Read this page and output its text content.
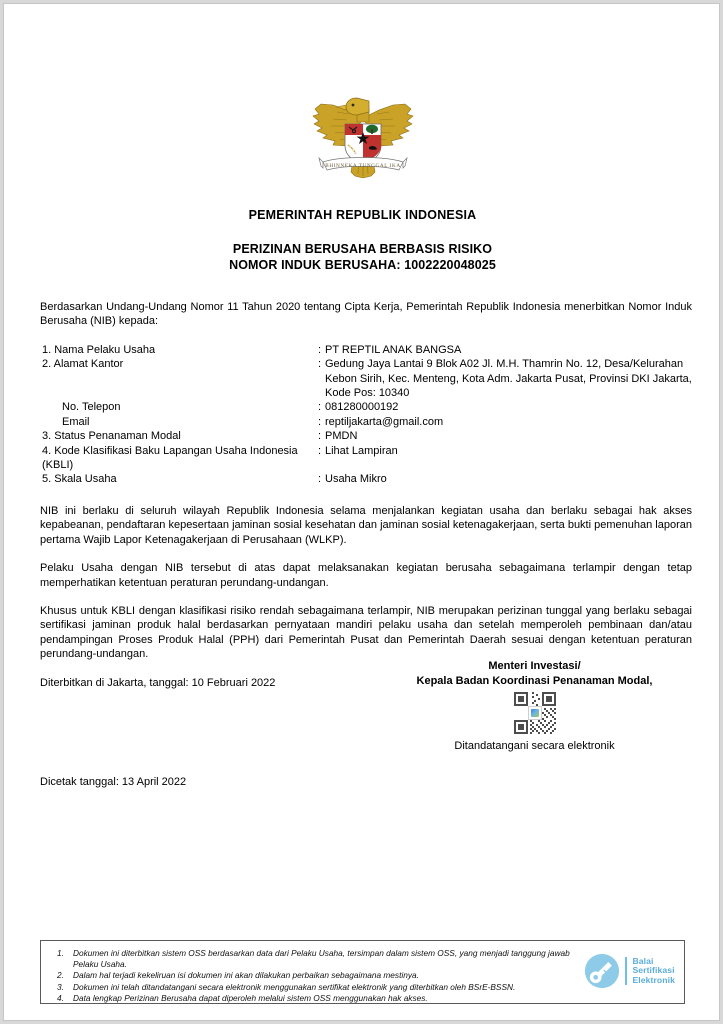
BHINNEKA TUNGGAL IKA
PEMERINTAH REPUBLIK INDONESIA
PERIZINAN BERUSAHA BERBASIS RISIKO
NOMOR INDUK BERUSAHA: 1002220048025

Berdasarkan Undang-Undang Nomor 11 Tahun 2020 tentang Cipta Kerja, Pemerintah Republik Indonesia menerbitkan Nomor Induk Berusaha (NIB) kepada:

1. Nama Pelaku Usaha	:	PT REPTIL ANAK BANGSA
2. Alamat Kantor	:	Gedung Jaya Lantai 9 Blok A02 Jl. M.H. Thamrin No. 12, Desa/Kelurahan Kebon Sirih, Kec. Menteng, Kota Adm. Jakarta Pusat, Provinsi DKI Jakarta,
		Kode Pos: 10340
No. Telepon	:	081280000192
Email	:	reptiljakarta@gmail.com
3. Status Penanaman Modal	:	PMDN
4. Kode Klasifikasi Baku Lapangan Usaha Indonesia (KBLI)	:	Lihat Lampiran
5. Skala Usaha	:	Usaha Mikro

NIB ini berlaku di seluruh wilayah Republik Indonesia selama menjalankan kegiatan usaha dan berlaku sebagai hak akses kepabeanan, pendaftaran kepesertaan jaminan sosial kesehatan dan jaminan sosial ketenagakerjaan, serta bukti pemenuhan laporan pertama Wajib Lapor Ketenagakerjaan di Perusahaan (WLKP).

Pelaku Usaha dengan NIB tersebut di atas dapat melaksanakan kegiatan berusaha sebagaimana terlampir dengan tetap memperhatikan ketentuan peraturan perundang-undangan.

Khusus untuk KBLI dengan klasifikasi risiko rendah sebagaimana terlampir, NIB merupakan perizinan tunggal yang berlaku sebagai sertifikasi jaminan produk halal berdasarkan pernyataan mandiri pelaku usaha dan setelah memperoleh pembinaan dan/atau pendampingan Proses Produk Halal (PPH) dari Pemerintah Pusat dan Pemerintah Daerah sesuai dengan ketentuan peraturan perundang-undangan.

Diterbitkan di Jakarta, tanggal: 10 Februari 2022
Menteri Investasi/
Kepala Badan Koordinasi Penanaman Modal,
Ditandatangani secara elektronik
Dicetak tanggal: 13 April 2022
1.	Dokumen ini diterbitkan sistem OSS berdasarkan data dari Pelaku Usaha, tersimpan dalam sistem OSS, yang menjadi tanggung jawab Pelaku Usaha.
2.	Dalam hal terjadi kekeliruan isi dokumen ini akan dilakukan perbaikan sebagaimana mestinya.
3.	Dokumen ini telah ditandatangani secara elektronik menggunakan sertifikat elektronik yang diterbitkan oleh BSrE-BSSN.
4.	Data lengkap Perizinan Berusaha dapat diperoleh melalui sistem OSS menggunakan hak akses.
Balai
Sertifikasi
Elektronik
